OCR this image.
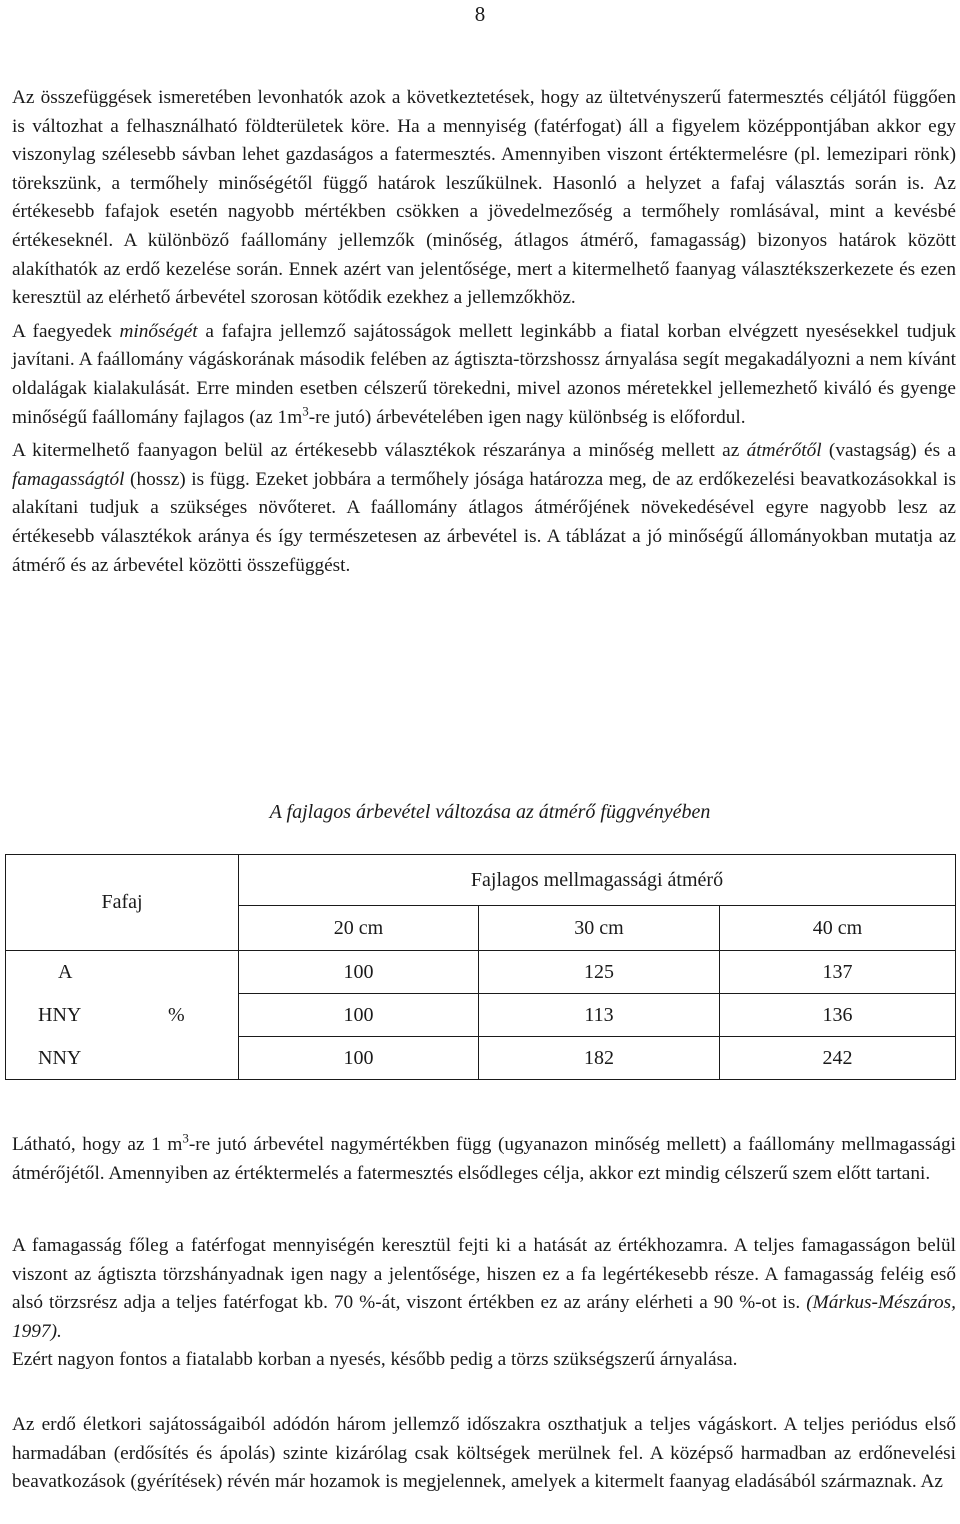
8

Az összefüggések ismeretében levonhatók azok a következtetések, hogy az ültetvényszerű fatermesztés céljától függően is változhat a felhasználható földterületek köre. Ha a mennyiség (fatérfogat) áll a figyelem középpontjában akkor egy viszonylag szélesebb sávban lehet gazdaságos a fatermesztés. Amennyiben viszont értéktermelésre (pl. lemezipari rönk) törekszünk, a termőhely minőségétől függő határok leszűkülnek. Hasonló a helyzet a fafaj választás során is. Az értékesebb fafajok esetén nagyobb mértékben csökken a jövedelmezőség a termőhely romlásával, mint a kevésbé értékeseknél. A különböző faállomány jellemzők (minőség, átlagos átmérő, famagasság) bizonyos határok között alakíthatók az erdő kezelése során. Ennek azért van jelentősége, mert a kitermelhető faanyag választékszerkezete és ezen keresztül az elérhető árbevétel szorosan kötődik ezekhez a jellemzőkhöz.

A faegyedek minőségét a fafajra jellemző sajátosságok mellett leginkább a fiatal korban elvégzett nyesésekkel tudjuk javítani. A faállomány vágáskorának második felében az ágtiszta-törzshossz árnyalása segít megakadályozni a nem kívánt oldalágak kialakulását. Erre minden esetben célszerű törekedni, mivel azonos méretekkel jellemezhető kiváló és gyenge minőségű faállomány fajlagos (az $1m^3-re$ jutó) árbevételében igen nagy különbség is előfordul.

A kitermelhető faanyagon belül az értékesebb választékok részaránya a minőség mellett az átmérőtől (vastagság) és a famagasságtól (hossz) is függ. Ezeket jobbára a termőhely jósága határozza meg, de az erdőkezelési beavatkozásokkal is alakítani tudjuk a szükséges növőteret. A faállomány átlagos átmérőjének növekedésével egyre nagyobb lesz az értékesebb választékok aránya és így természetesen az árbevétel is. A táblázat a jó minőségű állományokban mutatja az átmérő és az árbevétel közötti összefüggést.

A fajlagos árbevétel változása az átmérő függvényében
Fafaj	Fajlagos mellmagassági átmérő		
	20 cm	30 cm	40 cm

A	100	125	137

HNY %	100	113	136

NNY	100	182	242

Látható, hogy az 1 $m^3-re$ jutó árbevétel nagymértékben függ (ugyanazon minőség mellett) a faállomány mellmagassági átmérőjétől. Amennyiben az értéktermelés a fatermesztés elsődleges célja, akkor ezt mindig célszerű szem előtt tartani.

A famagasság főleg a fatérfogat mennyiségén keresztül fejti ki a hatását az értékhozamra. A teljes famagasságon belül viszont az ágtiszta törzshányadnak igen nagy a jelentősége, hiszen ez a fa legértékesebb része. A famagasság feléig eső alsó törzsrész adja a teljes fatérfogat kb. 70 %-át, viszont értékben ez az arány elérheti a 90 %-ot is. (Márkus-Mészáros, 1997).
Ezért nagyon fontos a fiatalabb korban a nyesés, később pedig a törzs szükségszerű árnyalása.

Az erdő életkori sajátosságaiból adódón három jellemző időszakra oszthatjuk a teljes vágáskort. A teljes periódus első harmadában (erdősítés és ápolás) szinte kizárólag csak költségek merülnek fel. A középső harmadban az erdőnevelési beavatkozások (gyérítések) révén már hozamok is megjelennek, amelyek a kitermelt faanyag eladásából származnak. Az
